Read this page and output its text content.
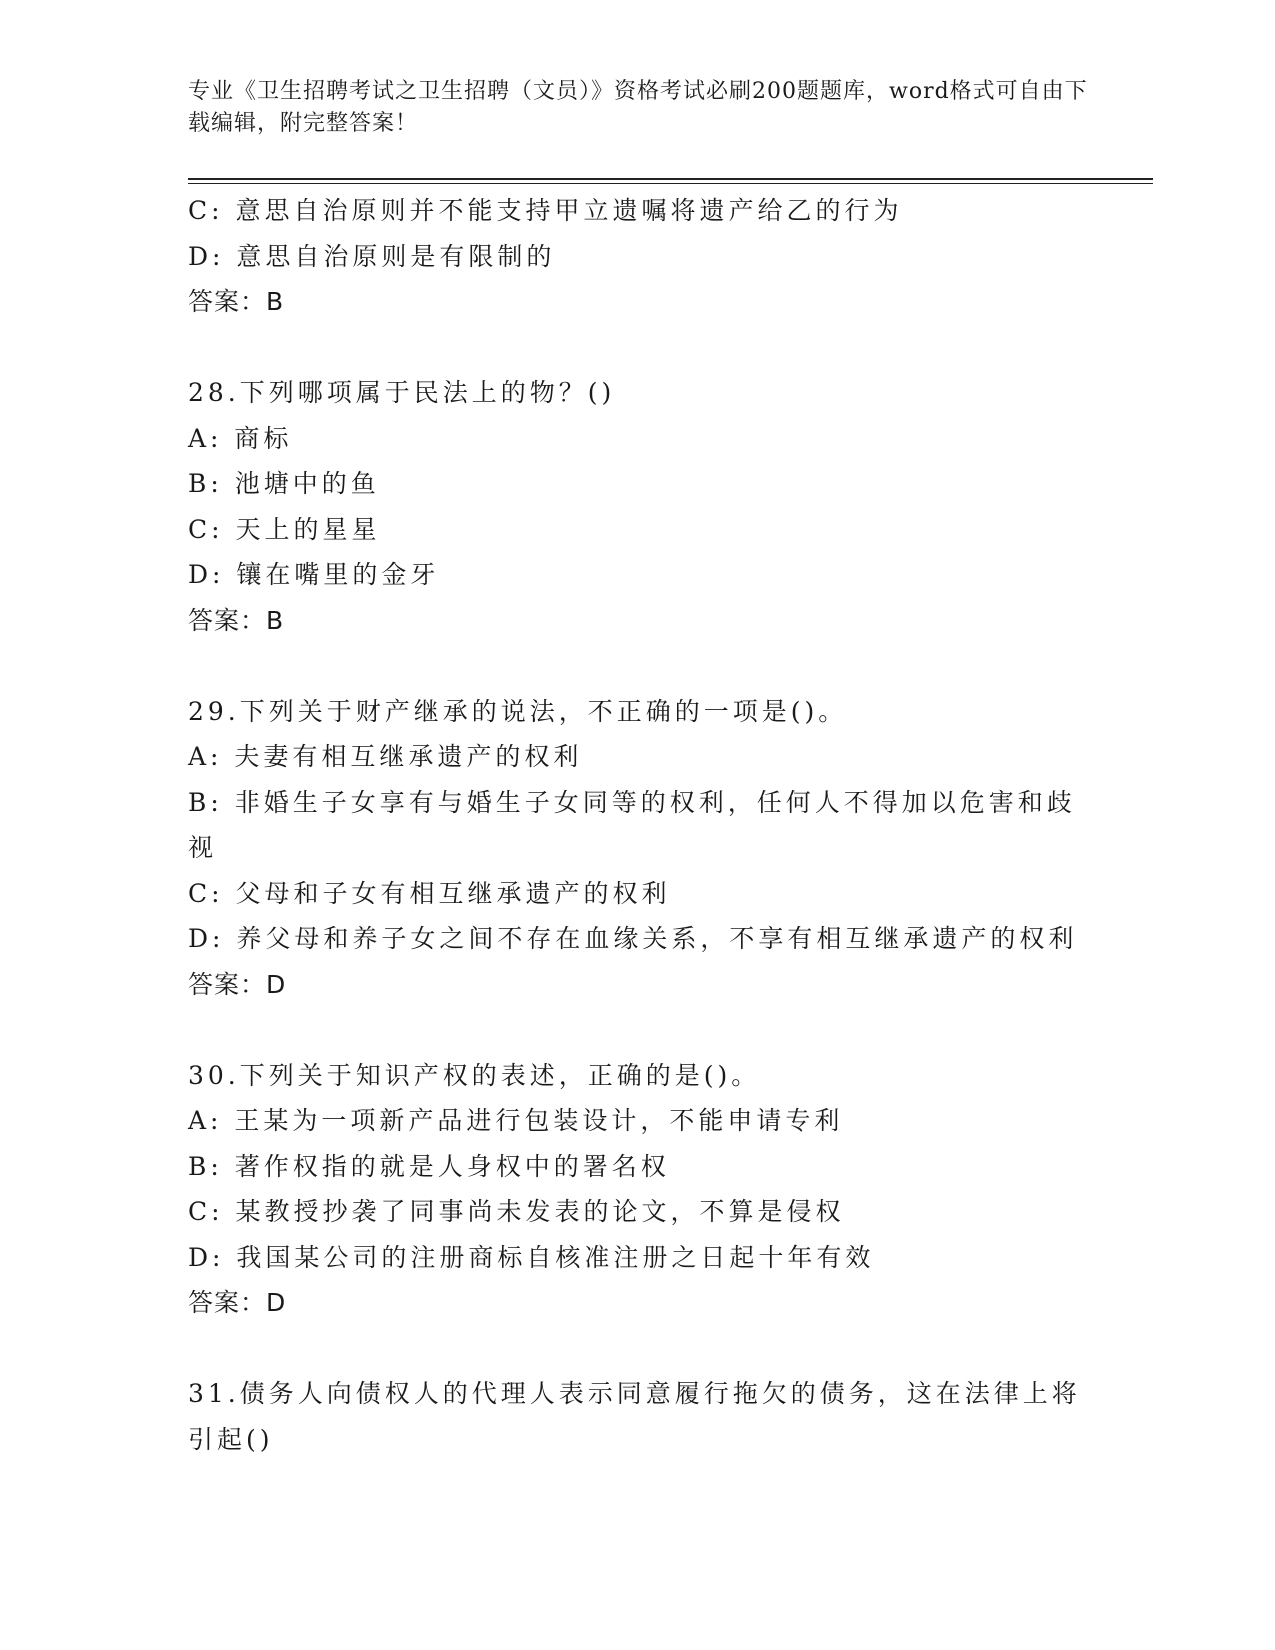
专业《卫生招聘考试之卫生招聘（文员）》资格考试必刷200题题库，word格式可自由下载编辑，附完整答案！
C: 意思自治原则并不能支持甲立遗嘱将遗产给乙的行为
D: 意思自治原则是有限制的
答案：B
28.下列哪项属于民法上的物？()
A: 商标
B: 池塘中的鱼
C: 天上的星星
D: 镶在嘴里的金牙
答案：B
29.下列关于财产继承的说法，不正确的一项是()。
A: 夫妻有相互继承遗产的权利
B: 非婚生子女享有与婚生子女同等的权利，任何人不得加以危害和歧视
C: 父母和子女有相互继承遗产的权利
D: 养父母和养子女之间不存在血缘关系，不享有相互继承遗产的权利
答案：D
30.下列关于知识产权的表述，正确的是()。
A: 王某为一项新产品进行包装设计，不能申请专利
B: 著作权指的就是人身权中的署名权
C: 某教授抄袭了同事尚未发表的论文，不算是侵权
D: 我国某公司的注册商标自核准注册之日起十年有效
答案：D
31.债务人向债权人的代理人表示同意履行拖欠的债务，这在法律上将引起()
